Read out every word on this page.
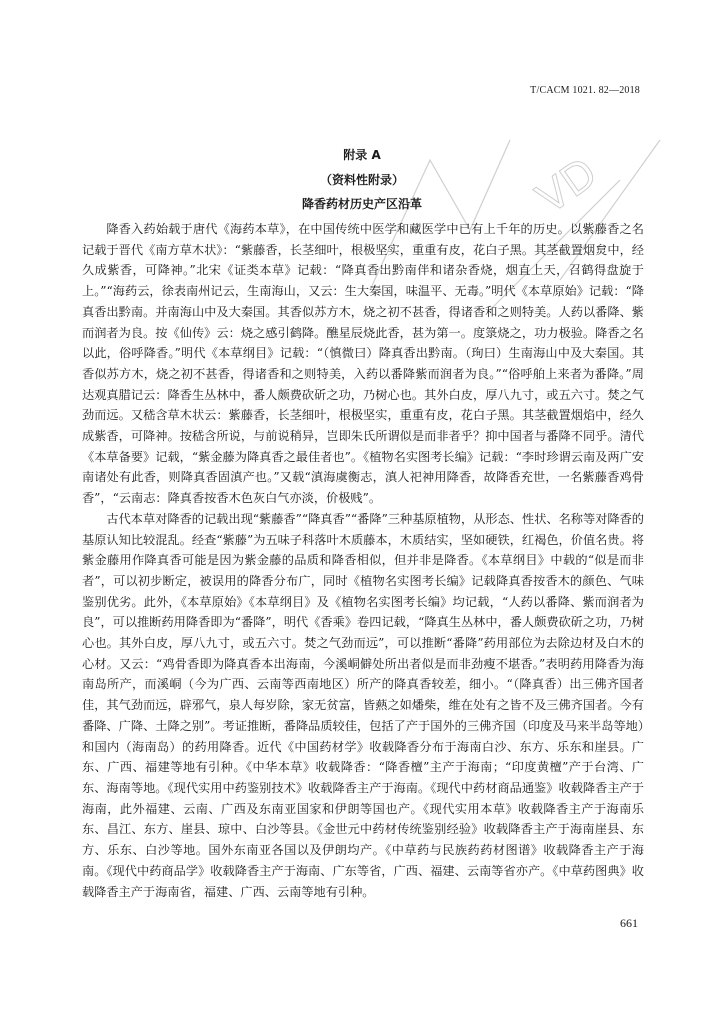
T/CACM 1021. 82—2018
VD
附录 A
（资料性附录）
降香药材历史产区沿革

降香入药始载于唐代《海药本草》，在中国传统中医学和藏医学中已有上千年的历史。以紫藤香之名记载于晋代《南方草木状》：“紫藤香，长茎细叶，根极坚实，重重有皮，花白子黑。其茎截置烟炱中，经久成紫香，可降神。”北宋《证类本草》记载：“降真香出黔南伴和诸杂香烧，烟直上天，召鹤得盘旋于上。”“海药云，徐表南州记云，生南海山，又云：生大秦国，味温平、无毒。”明代《本草原始》记载：“降真香出黔南。并南海山中及大秦国。其香似苏方木，烧之初不甚香，得诸香和之则特美。人药以番降、紫而润者为良。按《仙传》云：烧之感引鹤降。醮星辰烧此香，甚为第一。度箓烧之，功力极验。降香之名以此，俗呼降香。”明代《本草纲目》记载：“（慎微曰）降真香出黔南。（珣曰）生南海山中及大秦国。其香似苏方木，烧之初不甚香，得诸香和之则特美，入药以番降紫而润者为良。”“俗呼舶上来者为番降。”周达观真腊记云：降香生丛林中，番人颇费砍斫之功，乃树心也。其外白皮，厚八九寸，或五六寸。焚之气劲而远。又嵇含草木状云：紫藤香，长茎细叶，根极坚实，重重有皮，花白子黑。其茎截置烟焰中，经久成紫香，可降神。按嵇含所说，与前说稍异，岂即朱氏所谓似是而非者乎？抑中国者与番降不同乎。清代《本草备要》记载，“紫金藤为降真香之最佳者也”。《植物名实图考长编》记载：“李时珍谓云南及两广安南诸处有此香，则降真香固滇产也。”又载“滇海虞衡志，滇人祀神用降香，故降香充世，一名紫藤香鸡骨香”，“云南志：降真香按香木色灰白气亦淡，价极贱”。

古代本草对降香的记载出现“紫藤香”“降真香”“番降”三种基原植物，从形态、性状、名称等对降香的基原认知比较混乱。经查“紫藤”为五味子科落叶木质藤本，木质结实，坚如硬铁，红褐色，价值名贵。将紫金藤用作降真香可能是因为紫金藤的品质和降香相似，但并非是降香。《本草纲目》中载的“似是而非者”，可以初步断定，被误用的降香分布广，同时《植物名实图考长编》记载降真香按香木的颜色、气味鉴别优劣。此外，《本草原始》《本草纲目》及《植物名实图考长编》均记载，“人药以番降、紫而润者为良”，可以推断药用降香即为“番降”，明代《香乘》卷四记载，“降真生丛林中，番人颇费砍斫之功，乃树心也。其外白皮，厚八九寸，或五六寸。焚之气劲而远”，可以推断“番降”药用部位为去除边材及白木的心材。又云：“鸡骨香即为降真香本出海南，今溪峒僻处所出者似是而非劲瘦不堪香。”表明药用降香为海南岛所产，而溪峒（今为广西、云南等西南地区）所产的降真香较差，细小。“（降真香）出三佛齐国者佳，其气劲而远，辟邪气，泉人每岁除，家无贫富，皆爇之如燔柴，维在处有之皆不及三佛齐国者。今有番降、广降、土降之别”。考证推断，番降品质较佳，包括了产于国外的三佛齐国（印度及马来半岛等地）和国内（海南岛）的药用降香。近代《中国药材学》收载降香分布于海南白沙、东方、乐东和崖县。广东、广西、福建等地有引种。《中华本草》收载降香：“降香檀”主产于海南；“印度黄檀”产于台湾、广东、海南等地。《现代实用中药鉴别技术》收载降香主产于海南。《现代中药材商品通鉴》收载降香主产于海南，此外福建、云南、广西及东南亚国家和伊朗等国也产。《现代实用本草》收载降香主产于海南乐东、昌江、东方、崖县、琼中、白沙等县。《金世元中药材传统鉴别经验》收载降香主产于海南崖县、东方、乐东、白沙等地。国外东南亚各国以及伊朗均产。《中草药与民族药药材图谱》收载降香主产于海南。《现代中药商品学》收载降香主产于海南、广东等省，广西、福建、云南等省亦产。《中草药图典》收载降香主产于海南省，福建、广西、云南等地有引种。

661
